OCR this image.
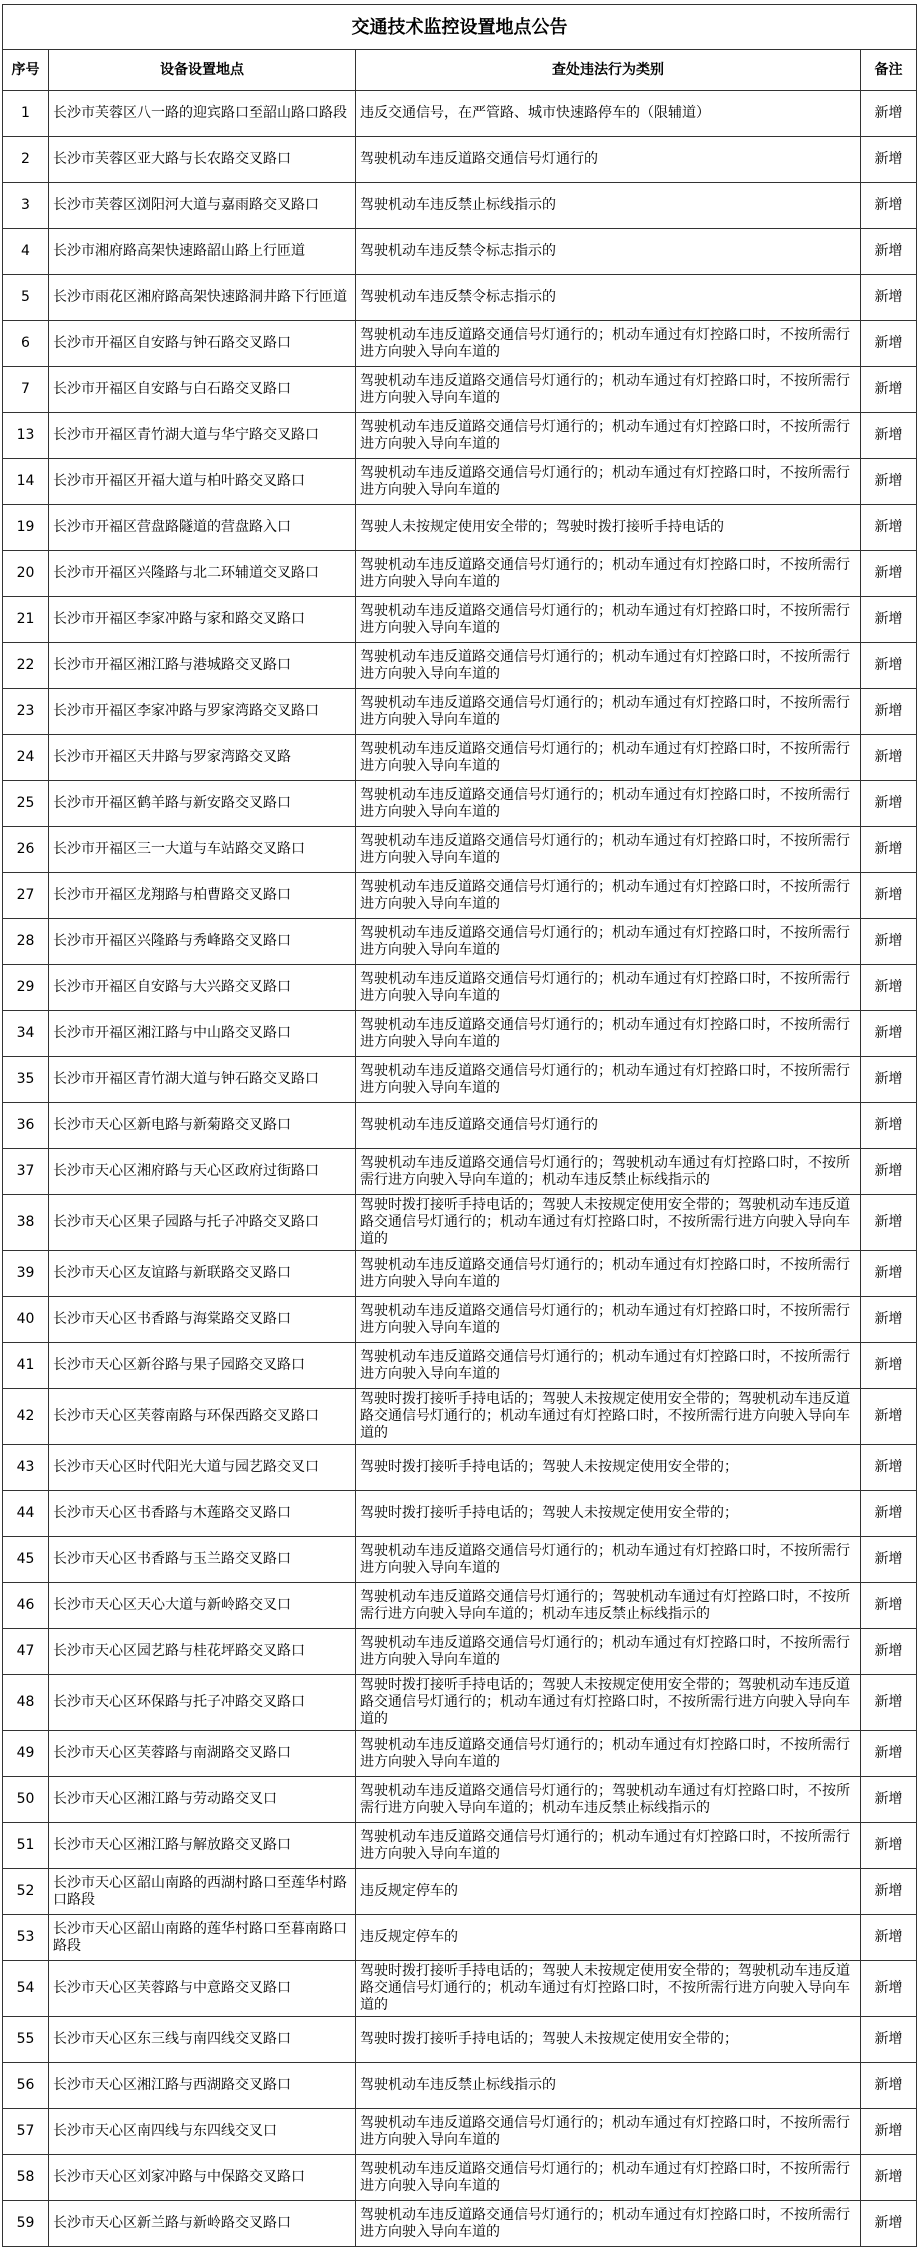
交通技术监控设置地点公告			
序号	设备设置地点	查处违法行为类别	备注
1	长沙市芙蓉区八一路的迎宾路口至韶山路口路段	违反交通信号，在严管路、城市快速路停车的（限辅道）	新增
2	长沙市芙蓉区亚大路与长农路交叉路口	驾驶机动车违反道路交通信号灯通行的	新增
3	长沙市芙蓉区浏阳河大道与嘉雨路交叉路口	驾驶机动车违反禁止标线指示的	新增
4	长沙市湘府路高架快速路韶山路上行匝道	驾驶机动车违反禁令标志指示的	新增
5	长沙市雨花区湘府路高架快速路洞井路下行匝道	驾驶机动车违反禁令标志指示的	新增
6	长沙市开福区自安路与钟石路交叉路口	驾驶机动车违反道路交通信号灯通行的；机动车通过有灯控路口时，不按所需行进方向驶入导向车道的	新增
7	长沙市开福区自安路与白石路交叉路口	驾驶机动车违反道路交通信号灯通行的；机动车通过有灯控路口时，不按所需行进方向驶入导向车道的	新增
13	长沙市开福区青竹湖大道与华宁路交叉路口	驾驶机动车违反道路交通信号灯通行的；机动车通过有灯控路口时，不按所需行进方向驶入导向车道的	新增
14	长沙市开福区开福大道与柏叶路交叉路口	驾驶机动车违反道路交通信号灯通行的；机动车通过有灯控路口时，不按所需行进方向驶入导向车道的	新增
19	长沙市开福区营盘路隧道的营盘路入口	驾驶人未按规定使用安全带的；驾驶时拨打接听手持电话的	新增
20	长沙市开福区兴隆路与北二环辅道交叉路口	驾驶机动车违反道路交通信号灯通行的；机动车通过有灯控路口时，不按所需行进方向驶入导向车道的	新增
21	长沙市开福区李家冲路与家和路交叉路口	驾驶机动车违反道路交通信号灯通行的；机动车通过有灯控路口时，不按所需行进方向驶入导向车道的	新增
22	长沙市开福区湘江路与港城路交叉路口	驾驶机动车违反道路交通信号灯通行的；机动车通过有灯控路口时，不按所需行进方向驶入导向车道的	新增
23	长沙市开福区李家冲路与罗家湾路交叉路口	驾驶机动车违反道路交通信号灯通行的；机动车通过有灯控路口时，不按所需行进方向驶入导向车道的	新增
24	长沙市开福区天井路与罗家湾路交叉路	驾驶机动车违反道路交通信号灯通行的；机动车通过有灯控路口时，不按所需行进方向驶入导向车道的	新增
25	长沙市开福区鹤羊路与新安路交叉路口	驾驶机动车违反道路交通信号灯通行的；机动车通过有灯控路口时，不按所需行进方向驶入导向车道的	新增
26	长沙市开福区三一大道与车站路交叉路口	驾驶机动车违反道路交通信号灯通行的；机动车通过有灯控路口时，不按所需行进方向驶入导向车道的	新增
27	长沙市开福区龙翔路与柏曹路交叉路口	驾驶机动车违反道路交通信号灯通行的；机动车通过有灯控路口时，不按所需行进方向驶入导向车道的	新增
28	长沙市开福区兴隆路与秀峰路交叉路口	驾驶机动车违反道路交通信号灯通行的；机动车通过有灯控路口时，不按所需行进方向驶入导向车道的	新增
29	长沙市开福区自安路与大兴路交叉路口	驾驶机动车违反道路交通信号灯通行的；机动车通过有灯控路口时，不按所需行进方向驶入导向车道的	新增
34	长沙市开福区湘江路与中山路交叉路口	驾驶机动车违反道路交通信号灯通行的；机动车通过有灯控路口时，不按所需行进方向驶入导向车道的	新增
35	长沙市开福区青竹湖大道与钟石路交叉路口	驾驶机动车违反道路交通信号灯通行的；机动车通过有灯控路口时，不按所需行进方向驶入导向车道的	新增
36	长沙市天心区新电路与新菊路交叉路口	驾驶机动车违反道路交通信号灯通行的	新增
37	长沙市天心区湘府路与天心区政府过街路口	驾驶机动车违反道路交通信号灯通行的；驾驶机动车通过有灯控路口时，不按所需行进方向驶入导向车道的；机动车违反禁止标线指示的	新增
38	长沙市天心区果子园路与托子冲路交叉路口	驾驶时拨打接听手持电话的；驾驶人未按规定使用安全带的；驾驶机动车违反道路交通信号灯通行的；机动车通过有灯控路口时，不按所需行进方向驶入导向车道的	新增
39	长沙市天心区友谊路与新联路交叉路口	驾驶机动车违反道路交通信号灯通行的；机动车通过有灯控路口时，不按所需行进方向驶入导向车道的	新增
40	长沙市天心区书香路与海棠路交叉路口	驾驶机动车违反道路交通信号灯通行的；机动车通过有灯控路口时，不按所需行进方向驶入导向车道的	新增
41	长沙市天心区新谷路与果子园路交叉路口	驾驶机动车违反道路交通信号灯通行的；机动车通过有灯控路口时，不按所需行进方向驶入导向车道的	新增
42	长沙市天心区芙蓉南路与环保西路交叉路口	驾驶时拨打接听手持电话的；驾驶人未按规定使用安全带的；驾驶机动车违反道路交通信号灯通行的；机动车通过有灯控路口时，不按所需行进方向驶入导向车道的	新增
43	长沙市天心区时代阳光大道与园艺路交叉口	驾驶时拨打接听手持电话的；驾驶人未按规定使用安全带的；	新增
44	长沙市天心区书香路与木莲路交叉路口	驾驶时拨打接听手持电话的；驾驶人未按规定使用安全带的；	新增
45	长沙市天心区书香路与玉兰路交叉路口	驾驶机动车违反道路交通信号灯通行的；机动车通过有灯控路口时，不按所需行进方向驶入导向车道的	新增
46	长沙市天心区天心大道与新岭路交叉口	驾驶机动车违反道路交通信号灯通行的；驾驶机动车通过有灯控路口时，不按所需行进方向驶入导向车道的；机动车违反禁止标线指示的	新增
47	长沙市天心区园艺路与桂花坪路交叉路口	驾驶机动车违反道路交通信号灯通行的；机动车通过有灯控路口时，不按所需行进方向驶入导向车道的	新增
48	长沙市天心区环保路与托子冲路交叉路口	驾驶时拨打接听手持电话的；驾驶人未按规定使用安全带的；驾驶机动车违反道路交通信号灯通行的；机动车通过有灯控路口时，不按所需行进方向驶入导向车道的	新增
49	长沙市天心区芙蓉路与南湖路交叉路口	驾驶机动车违反道路交通信号灯通行的；机动车通过有灯控路口时，不按所需行进方向驶入导向车道的	新增
50	长沙市天心区湘江路与劳动路交叉口	驾驶机动车违反道路交通信号灯通行的；驾驶机动车通过有灯控路口时，不按所需行进方向驶入导向车道的；机动车违反禁止标线指示的	新增
51	长沙市天心区湘江路与解放路交叉路口	驾驶机动车违反道路交通信号灯通行的；机动车通过有灯控路口时，不按所需行进方向驶入导向车道的	新增
52	长沙市天心区韶山南路的西湖村路口至莲华村路口路段	违反规定停车的	新增
53	长沙市天心区韶山南路的莲华村路口至暮南路口路段	违反规定停车的	新增
54	长沙市天心区芙蓉路与中意路交叉路口	驾驶时拨打接听手持电话的；驾驶人未按规定使用安全带的；驾驶机动车违反道路交通信号灯通行的；机动车通过有灯控路口时，不按所需行进方向驶入导向车道的	新增
55	长沙市天心区东三线与南四线交叉路口	驾驶时拨打接听手持电话的；驾驶人未按规定使用安全带的；	新增
56	长沙市天心区湘江路与西湖路交叉路口	驾驶机动车违反禁止标线指示的	新增
57	长沙市天心区南四线与东四线交叉口	驾驶机动车违反道路交通信号灯通行的；机动车通过有灯控路口时，不按所需行进方向驶入导向车道的	新增
58	长沙市天心区刘家冲路与中保路交叉路口	驾驶机动车违反道路交通信号灯通行的；机动车通过有灯控路口时，不按所需行进方向驶入导向车道的	新增
59	长沙市天心区新兰路与新岭路交叉路口	驾驶机动车违反道路交通信号灯通行的；机动车通过有灯控路口时，不按所需行进方向驶入导向车道的	新增
